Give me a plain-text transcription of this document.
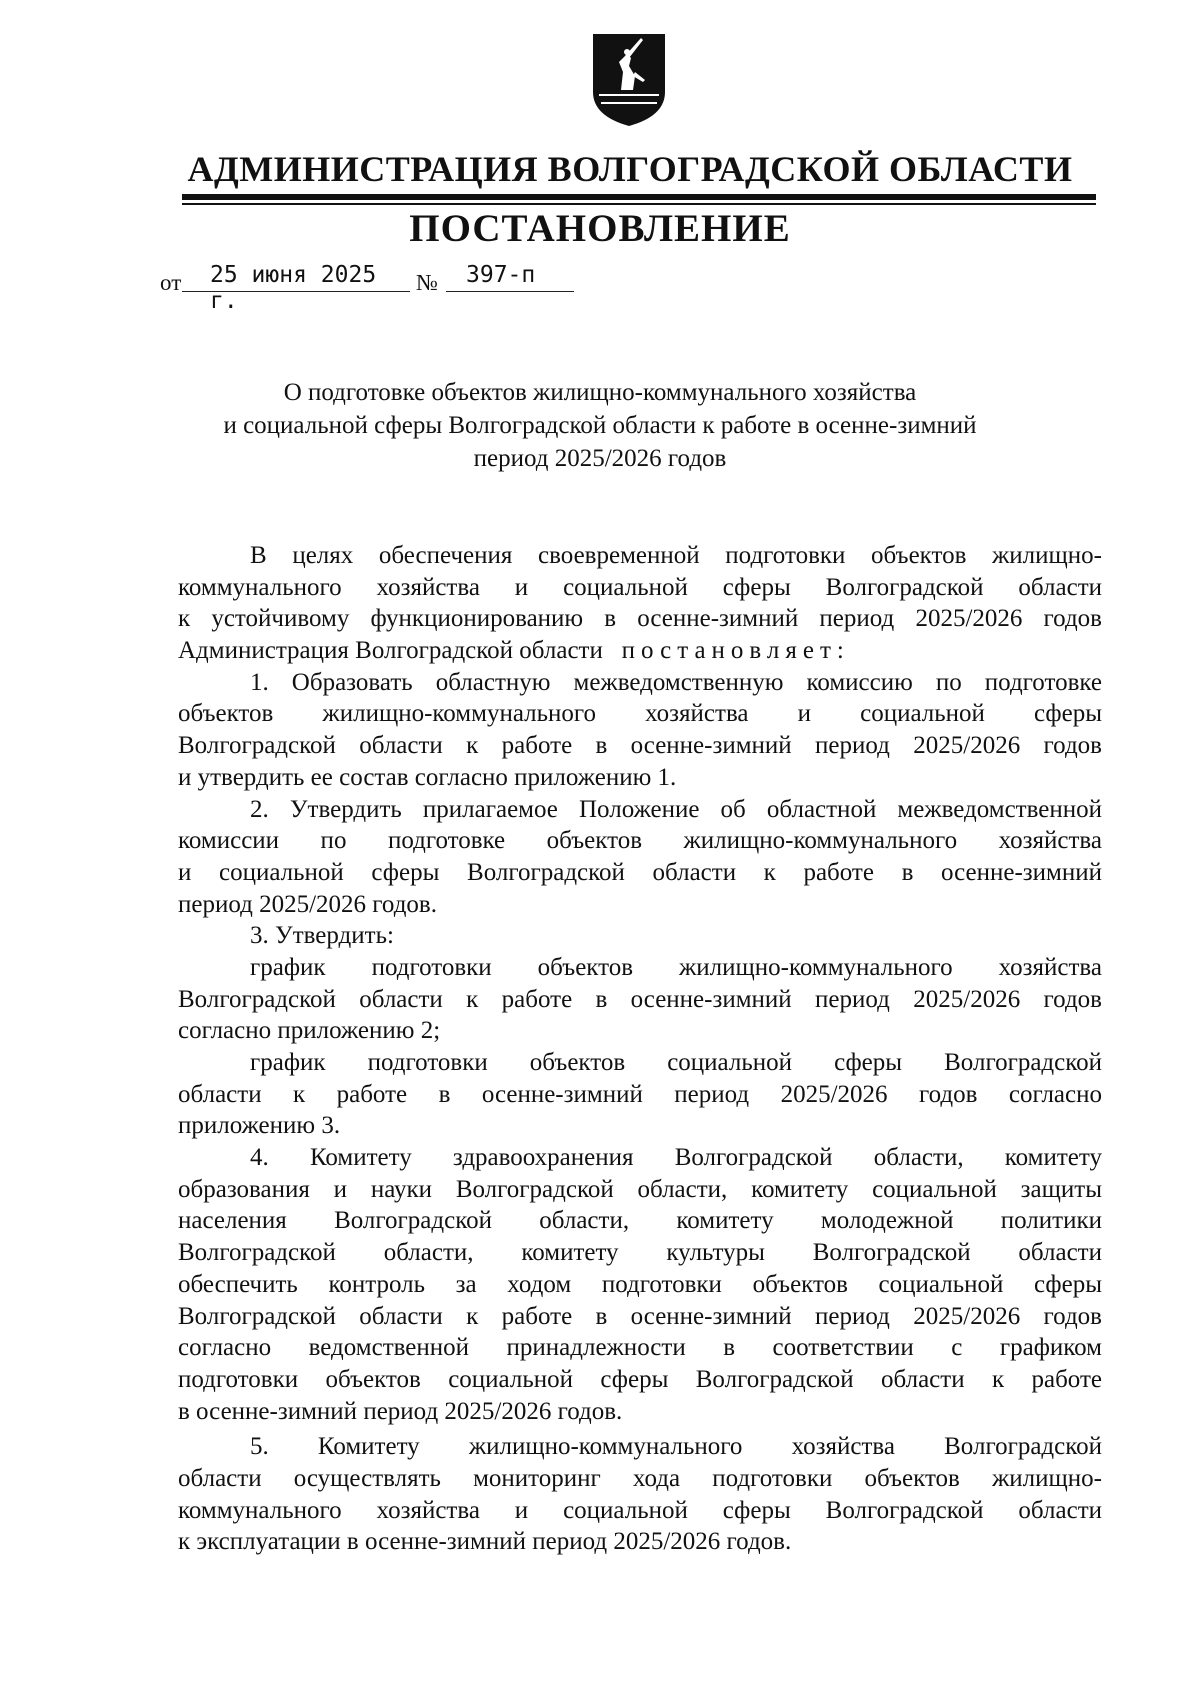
АДМИНИСТРАЦИЯ ВОЛГОГРАДСКОЙ ОБЛАСТИ
ПОСТАНОВЛЕНИЕ
от	25 июня 2025 г.
№	397-п
О подготовке объектов жилищно-коммунального хозяйства
и социальной сферы Волгоградской области к работе в осенне-зимний
период 2025/2026 годов
В целях обеспечения своевременной подготовки объектов жилищно-
коммунального хозяйства и социальной сферы Волгоградской области
к устойчивому функционированию в осенне-зимний период 2025/2026 годов
Администрация Волгоградской области постановляет:
1. Образовать областную межведомственную комиссию по подготовке
объектов жилищно-коммунального хозяйства и социальной сферы
Волгоградской области к работе в осенне-зимний период 2025/2026 годов
и утвердить ее состав согласно приложению 1.
2. Утвердить прилагаемое Положение об областной межведомственной
комиссии по подготовке объектов жилищно-коммунального хозяйства
и социальной сферы Волгоградской области к работе в осенне-зимний
период 2025/2026 годов.
3. Утвердить:
график подготовки объектов жилищно-коммунального хозяйства
Волгоградской области к работе в осенне-зимний период 2025/2026 годов
согласно приложению 2;
график подготовки объектов социальной сферы Волгоградской
области к работе в осенне-зимний период 2025/2026 годов согласно
приложению 3.
4. Комитету здравоохранения Волгоградской области, комитету
образования и науки Волгоградской области, комитету социальной защиты
населения Волгоградской области, комитету молодежной политики
Волгоградской области, комитету культуры Волгоградской области
обеспечить контроль за ходом подготовки объектов социальной сферы
Волгоградской области к работе в осенне-зимний период 2025/2026 годов
согласно ведомственной принадлежности в соответствии с графиком
подготовки объектов социальной сферы Волгоградской области к работе
в осенне-зимний период 2025/2026 годов.
5. Комитету жилищно-коммунального хозяйства Волгоградской
области осуществлять мониторинг хода подготовки объектов жилищно-
коммунального хозяйства и социальной сферы Волгоградской области
к эксплуатации в осенне-зимний период 2025/2026 годов.
